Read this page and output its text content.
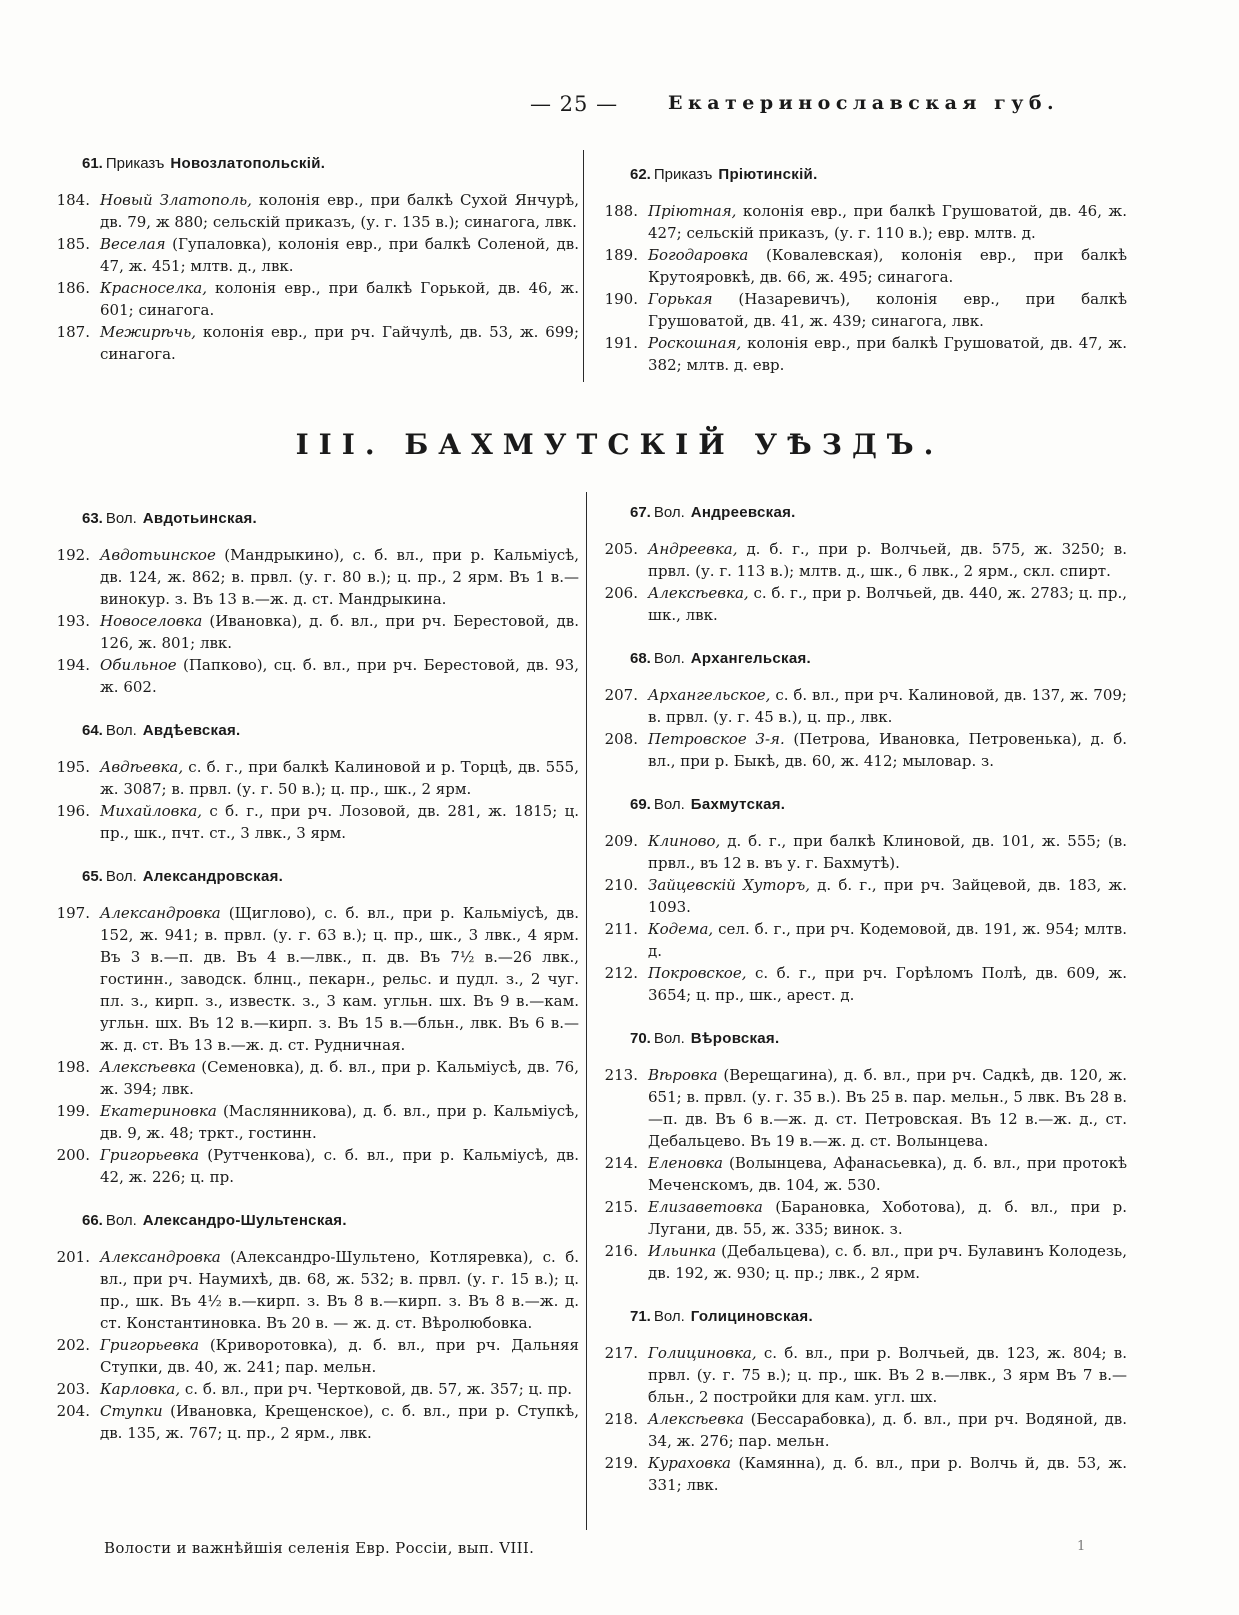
— 25 —	Екатеринославская губ.
61. Приказъ Новозлатопольскій.
184. Новый Златополь, колонія евр., при балкѣ Сухой Янчурѣ, дв. 79, ж 880; сельскій приказъ, (у. г. 135 в.); синагога, лвк.
185. Веселая (Гупаловка), колонія евр., при балкѣ Соленой, дв. 47, ж. 451; млтв. д., лвк.
186. Красноселка, колонія евр., при балкѣ Горькой, дв. 46, ж. 601; синагога.
187. Межирѣчь, колонія евр., при рч. Гайчулѣ, дв. 53, ж. 699; синагога.
62. Приказъ Пріютинскій.
188. Пріютная, колонія евр., при балкѣ Грушоватой, дв. 46, ж. 427; сельскій приказъ, (у. г. 110 в.); евр. млтв. д.
189. Богодаровка (Ковалевская), колонія евр., при балкѣ Крутояровкѣ, дв. 66, ж. 495; синагога.
190. Горькая (Назаревичъ), колонія евр., при балкѣ Грушоватой, дв. 41, ж. 439; синагога, лвк.
191. Роскошная, колонія евр., при балкѣ Грушоватой, дв. 47, ж. 382; млтв. д. евр.
III. БАХМУТСКІЙ УѢЗДЪ.
63. Вол. Авдотьинская.
192. Авдотьинское (Мандрыкино), с. б. вл., при р. Кальміусѣ, дв. 124, ж. 862; в. првл. (у. г. 80 в.); ц. пр., 2 ярм. Въ 1 в.—винокур. з. Въ 13 в.—ж. д. ст. Мандрыкина.
193. Новоселовка (Ивановка), д. б. вл., при рч. Берестовой, дв. 126, ж. 801; лвк.
194. Обильное (Папково), сц. б. вл., при рч. Берестовой, дв. 93, ж. 602.
64. Вол. Авдѣевская.
195. Авдѣевка, с. б. г., при балкѣ Калиновой и р. Торцѣ, дв. 555, ж. 3087; в. првл. (у. г. 50 в.); ц. пр., шк., 2 ярм.
196. Михайловка, с б. г., при рч. Лозовой, дв. 281, ж. 1815; ц. пр., шк., пчт. ст., 3 лвк., 3 ярм.
65. Вол. Александровская.
197. Александровка (Щиглово), с. б. вл., при р. Кальміусѣ, дв. 152, ж. 941; в. првл. (у. г. 63 в.); ц. пр., шк., 3 лвк., 4 ярм. Въ 3 в.—п. дв. Въ 4 в.—лвк., п. дв. Въ 7½ в.—26 лвк., гостинн., заводск. блнц., пекарн., рельс. и пудл. з., 2 чуг. пл. з., кирп. з., известк. з., 3 кам. угльн. шх. Въ 9 в.—кам. угльн. шх. Въ 12 в.—кирп. з. Въ 15 в.—бльн., лвк. Въ 6 в.—ж. д. ст. Въ 13 в.—ж. д. ст. Рудничная.
198. Алексѣевка (Семеновка), д. б. вл., при р. Кальміусѣ, дв. 76, ж. 394; лвк.
199. Екатериновка (Маслянникова), д. б. вл., при р. Кальміусѣ, дв. 9, ж. 48; тркт., гостинн.
200. Григорьевка (Рутченкова), с. б. вл., при р. Кальміусѣ, дв. 42, ж. 226; ц. пр.
66. Вол. Александро-Шультенская.
201. Александровка (Александро-Шультено, Котляревка), с. б. вл., при рч. Наумихѣ, дв. 68, ж. 532; в. првл. (у. г. 15 в.); ц. пр., шк. Въ 4½ в.—кирп. з. Въ 8 в.—кирп. з. Въ 8 в.—ж. д. ст. Константиновка. Въ 20 в. — ж. д. ст. Вѣролюбовка.
202. Григорьевка (Криворотовка), д. б. вл., при рч. Дальняя Ступки, дв. 40, ж. 241; пар. мельн.
203. Карловка, с. б. вл., при рч. Чертковой, дв. 57, ж. 357; ц. пр.
204. Ступки (Ивановка, Крещенское), с. б. вл., при р. Ступкѣ, дв. 135, ж. 767; ц. пр., 2 ярм., лвк.
67. Вол. Андреевская.
205. Андреевка, д. б. г., при р. Волчьей, дв. 575, ж. 3250; в. првл. (у. г. 113 в.); млтв. д., шк., 6 лвк., 2 ярм., скл. спирт.
206. Алексѣевка, с. б. г., при р. Волчьей, дв. 440, ж. 2783; ц. пр., шк., лвк.
68. Вол. Архангельская.
207. Архангельское, с. б. вл., при рч. Калиновой, дв. 137, ж. 709; в. првл. (у. г. 45 в.), ц. пр., лвк.
208. Петровское 3-я. (Петрова, Ивановка, Петровенька), д. б. вл., при р. Быкѣ, дв. 60, ж. 412; мыловар. з.
69. Вол. Бахмутская.
209. Клиново, д. б. г., при балкѣ Клиновой, дв. 101, ж. 555; (в. првл., въ 12 в. въ у. г. Бахмутѣ).
210. Зайцевскій Хуторъ, д. б. г., при рч. Зайцевой, дв. 183, ж. 1093.
211. Кодема, сел. б. г., при рч. Кодемовой, дв. 191, ж. 954; млтв. д.
212. Покровское, с. б. г., при рч. Горѣломъ Полѣ, дв. 609, ж. 3654; ц. пр., шк., арест. д.
70. Вол. Вѣровская.
213. Вѣровка (Верещагина), д. б. вл., при рч. Садкѣ, дв. 120, ж. 651; в. првл. (у. г. 35 в.). Въ 25 в. пар. мельн., 5 лвк. Въ 28 в.—п. дв. Въ 6 в.—ж. д. ст. Петровская. Въ 12 в.—ж. д., ст. Дебальцево. Въ 19 в.—ж. д. ст. Волынцева.
214. Еленовка (Волынцева, Афанасьевка), д. б. вл., при протокѣ Меченскомъ, дв. 104, ж. 530.
215. Елизаветовка (Барановка, Хоботова), д. б. вл., при р. Лугани, дв. 55, ж. 335; винок. з.
216. Ильинка (Дебальцева), с. б. вл., при рч. Булавинъ Колодезь, дв. 192, ж. 930; ц. пр.; лвк., 2 ярм.
71. Вол. Голициновская.
217. Голициновка, с. б. вл., при р. Волчьей, дв. 123, ж. 804; в. првл. (у. г. 75 в.); ц. пр., шк. Въ 2 в.—лвк., 3 ярм Въ 7 в.—бльн., 2 постройки для кам. угл. шх.
218. Алексѣевка (Бессарабовка), д. б. вл., при рч. Водяной, дв. 34, ж. 276; пар. мельн.
219. Курахoвка (Камянна), д. б. вл., при р. Волчь й, дв. 53, ж. 331; лвк.
Волости и важнѣйшія селенія Евр. Россіи, вып. VIII.	1
